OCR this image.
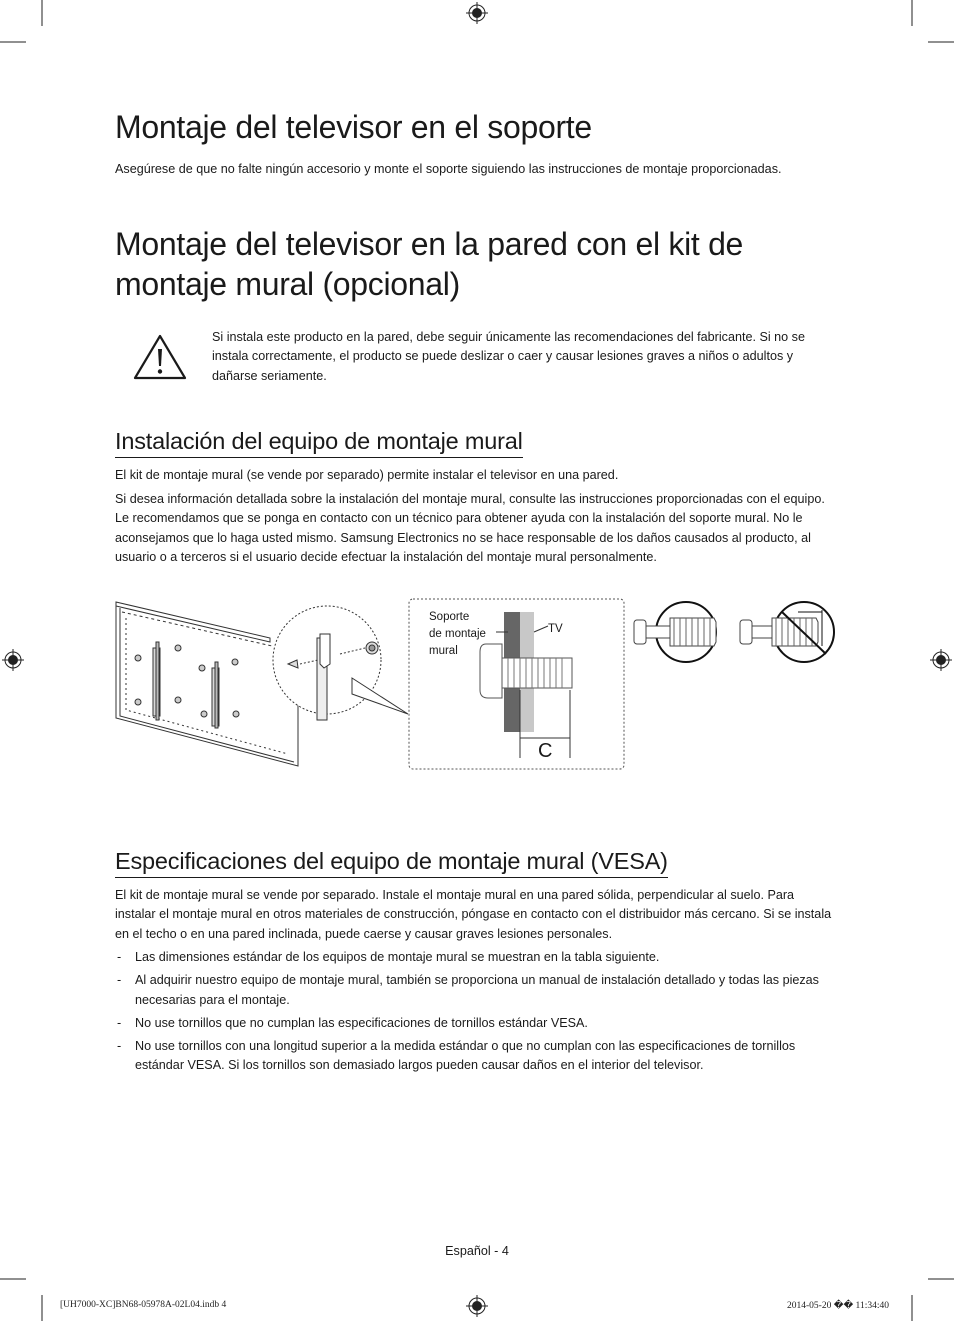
Montaje del televisor en el soporte

Asegúrese de que no falte ningún accesorio y monte el soporte siguiendo las instrucciones de montaje proporcionadas.

Montaje del televisor en la pared con el kit de
montaje mural (opcional)

Si instala este producto en la pared, debe seguir únicamente las recomendaciones del fabricante. Si no se instala correctamente, el producto se puede deslizar o caer y causar lesiones graves a niños o adultos y dañarse seriamente.

Instalación del equipo de montaje mural

El kit de montaje mural (se vende por separado) permite instalar el televisor en una pared.

Si desea información detallada sobre la instalación del montaje mural, consulte las instrucciones proporcionadas con el equipo. Le recomendamos que se ponga en contacto con un técnico para obtener ayuda con la instalación del soporte mural. No le aconsejamos que lo haga usted mismo. Samsung Electronics no se hace responsable de los daños causados al producto, al usuario o a terceros si el usuario decide efectuar la instalación del montaje mural personalmente.

Soporte
de montaje
mural
TV
C
Especificaciones del equipo de montaje mural (VESA)

El kit de montaje mural se vende por separado. Instale el montaje mural en una pared sólida, perpendicular al suelo. Para instalar el montaje mural en otros materiales de construcción, póngase en contacto con el distribuidor más cercano. Si se instala en el techo o en una pared inclinada, puede caerse y causar graves lesiones personales.

- Las dimensiones estándar de los equipos de montaje mural se muestran en la tabla siguiente.
- Al adquirir nuestro equipo de montaje mural, también se proporciona un manual de instalación detallado y todas las piezas necesarias para el montaje.
- No use tornillos que no cumplan las especificaciones de tornillos estándar VESA.
- No use tornillos con una longitud superior a la medida estándar o que no cumplan con las especificaciones de tornillos estándar VESA. Si los tornillos son demasiado largos pueden causar daños en el interior del televisor.
Español - 4
[UH7000-XC]BN68-05978A-02L04.indb 4	2014-05-20 �� 11:34:40
